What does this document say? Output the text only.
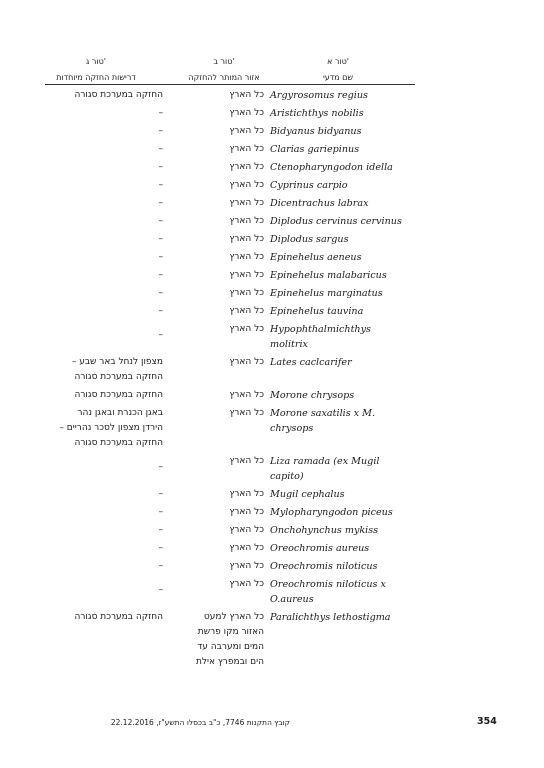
טור א'
טור ב'
טור ג'
שם מדעי
אזור המותר להחזקה
דרישות החזקה מיוחדות
Argyrosomus regius
כל הארץ
החזקה במערכת סגורה
Aristichthys nobilis
כל הארץ
–
Bidyanus bidyanus
כל הארץ
–
Clarias gariepinus
כל הארץ
–
Ctenopharyngodon idella
כל הארץ
–
Cyprinus carpio
כל הארץ
–
Dicentrachus labrax
כל הארץ
–
Diplodus cervinus cervinus
כל הארץ
–
Diplodus sargus
כל הארץ
–
Epinehelus aeneus
כל הארץ
–
Epinehelus malabaricus
כל הארץ
–
Epinehelus marginatus
כל הארץ
–
Epinehelus tauvina
כל הארץ
–
Hypophthalmichthys
molitrix
כל הארץ
–
Lates caclcarifer
כל הארץ
מצפון לנחל באר שבע –
החזקה במערכת סגורה
Morone chrysops
כל הארץ
החזקה במערכת סגורה
Morone saxatilis x M.
chrysops
כל הארץ
באגן הכנרת ובאגן נהר
הירדן מצפון לסכר נהריים –
החזקה במערכת סגורה
Liza ramada (ex Mugil
capito)
כל הארץ
–
Mugil cephalus
כל הארץ
–
Mylopharyngodon piceus
כל הארץ
–
Onchohynchus mykiss
כל הארץ
–
Oreochromis aureus
כל הארץ
–
Oreochromis niloticus
כל הארץ
–
Oreochromis niloticus x
O.aureus
כל הארץ
–
Paralichthys lethostigma
כל הארץ למעט
האזור מקו פרשת
המים ומערבה עד
הים ובמפרץ אילת
החזקה במערכת סגורה
354
קובץ התקנות 7746, כ"ב בכסלו התשע"ז, 22.12.2016
